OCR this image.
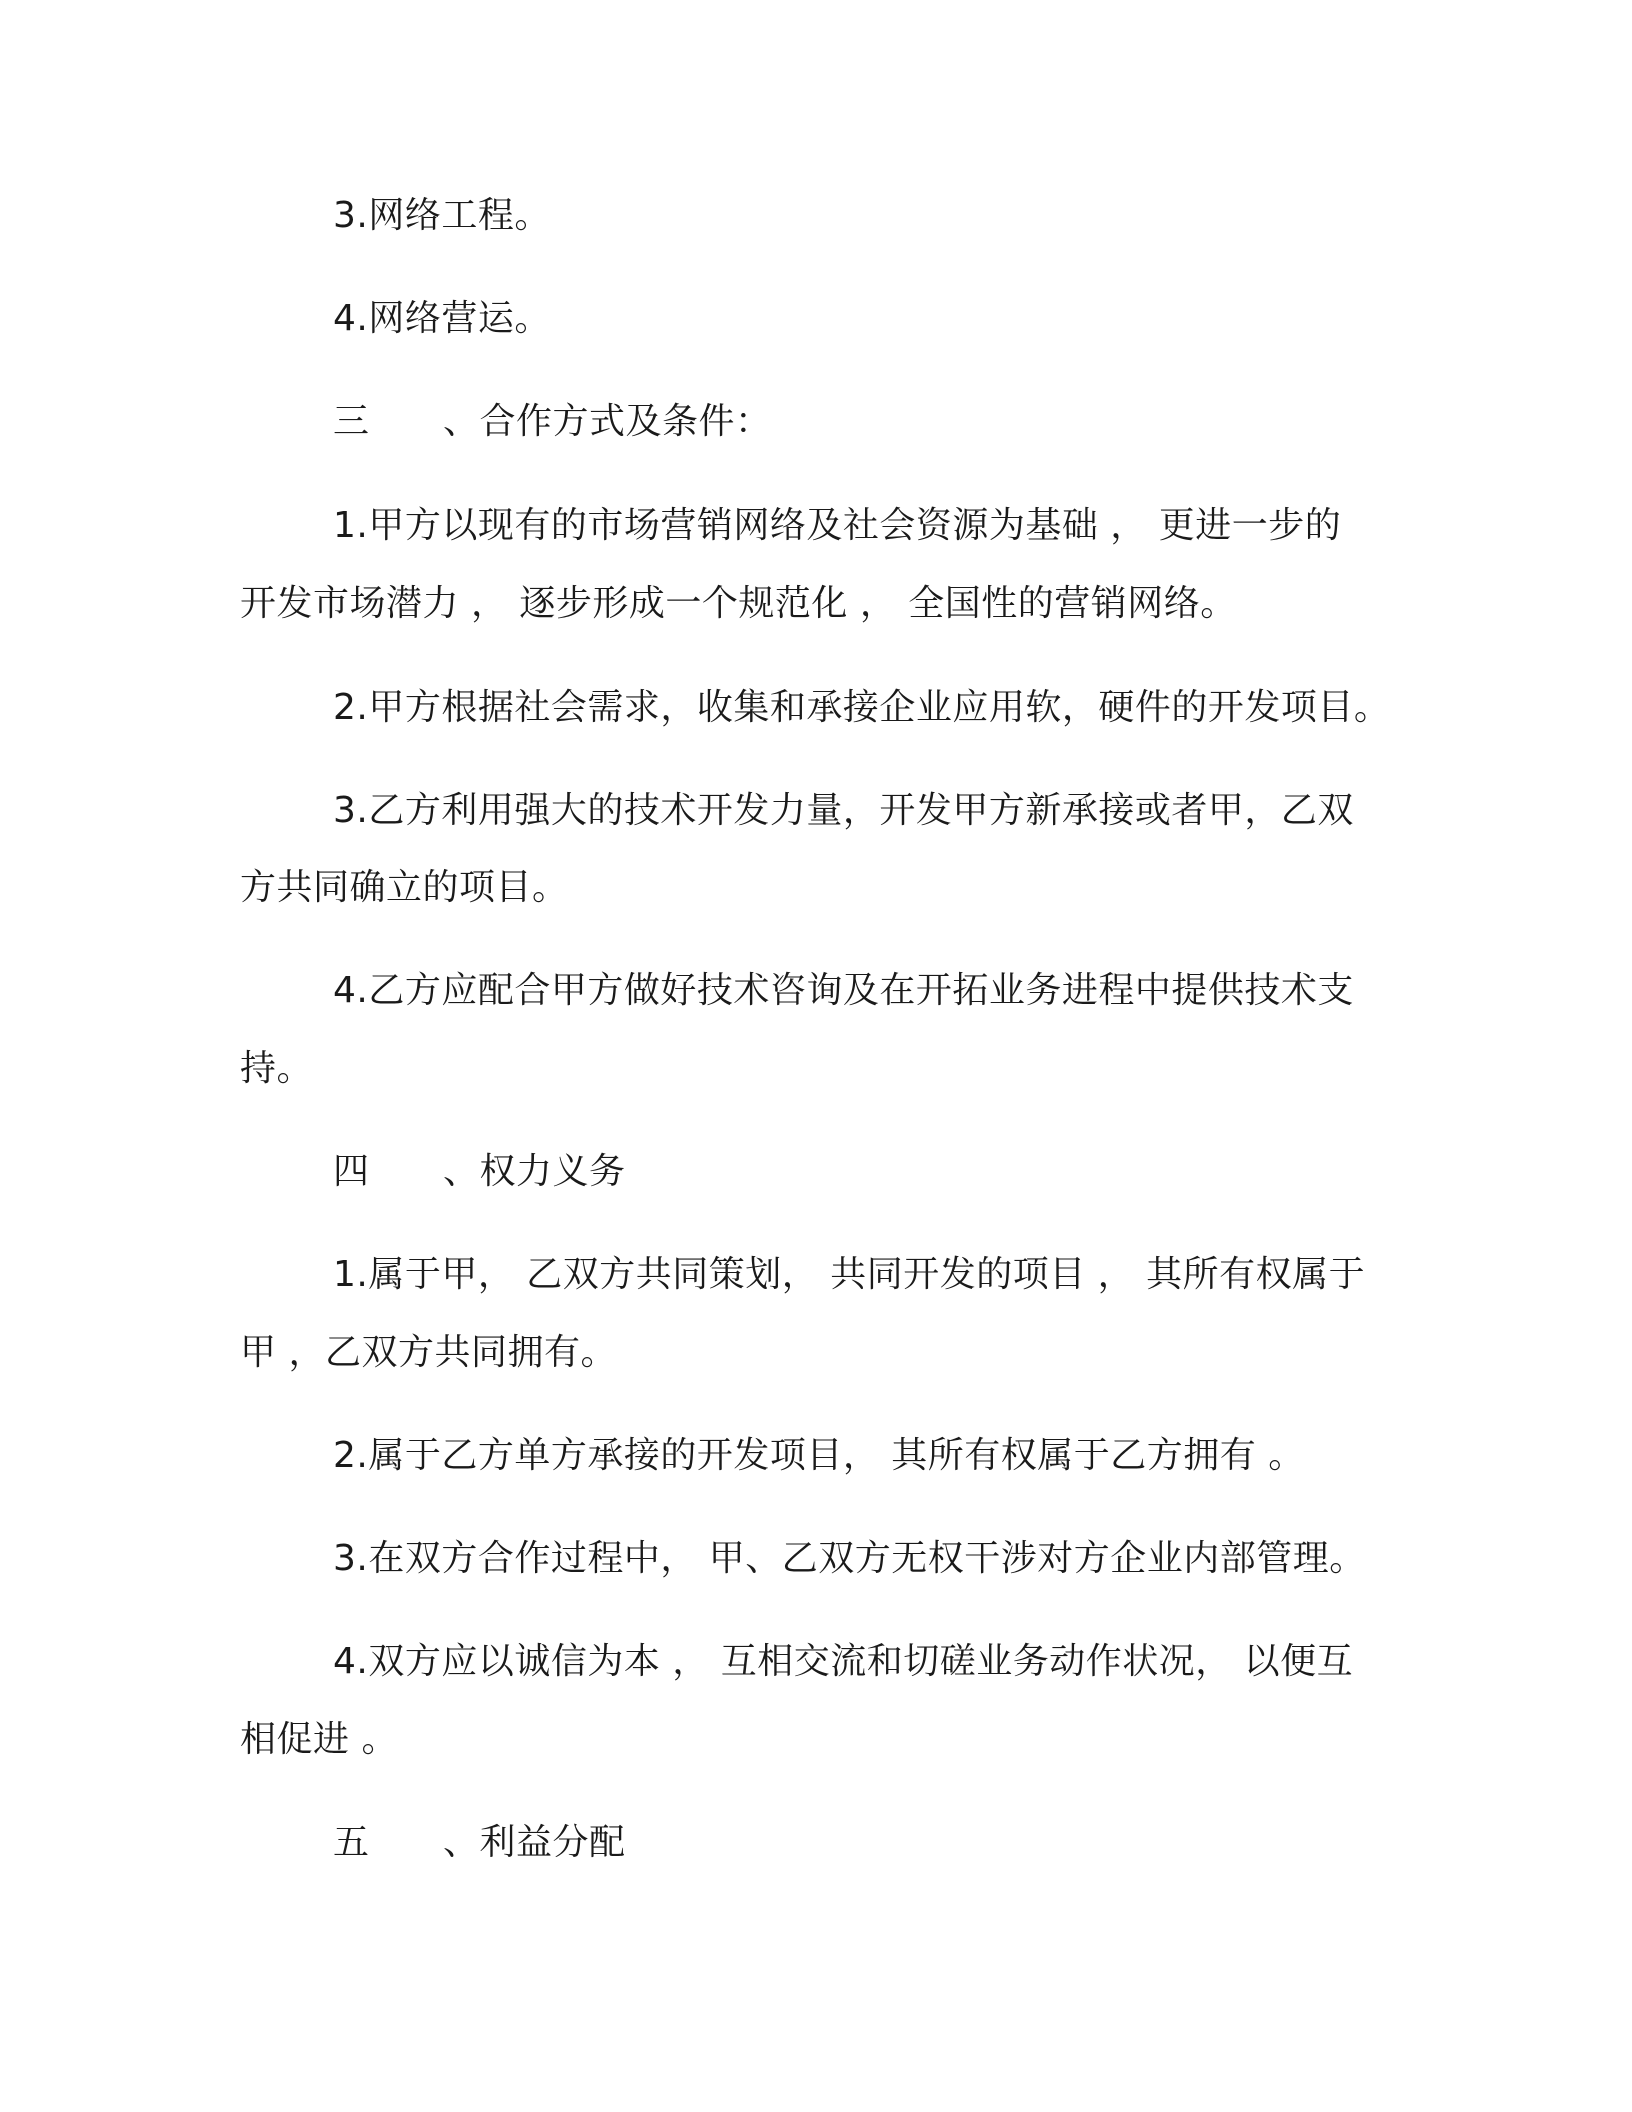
3.网络工程。
4.网络营运。
三 、合作方式及条件：
1.甲方以现有的市场营销网络及社会资源为基础 ， 更进一步的
开发市场潜力 ， 逐步形成一个规范化 ， 全国性的营销网络。
2.甲方根据社会需求，收集和承接企业应用软，硬件的开发项目。
3.乙方利用强大的技术开发力量，开发甲方新承接或者甲，乙双
方共同确立的项目。
4.乙方应配合甲方做好技术咨询及在开拓业务进程中提供技术支
持。
四 、权力义务
1.属于甲， 乙双方共同策划， 共同开发的项目 ， 其所有权属于
甲 ，乙双方共同拥有。
2.属于乙方单方承接的开发项目， 其所有权属于乙方拥有 。
3.在双方合作过程中， 甲、乙双方无权干涉对方企业内部管理。
4.双方应以诚信为本 ， 互相交流和切磋业务动作状况， 以便互
相促进 。
五 、利益分配
